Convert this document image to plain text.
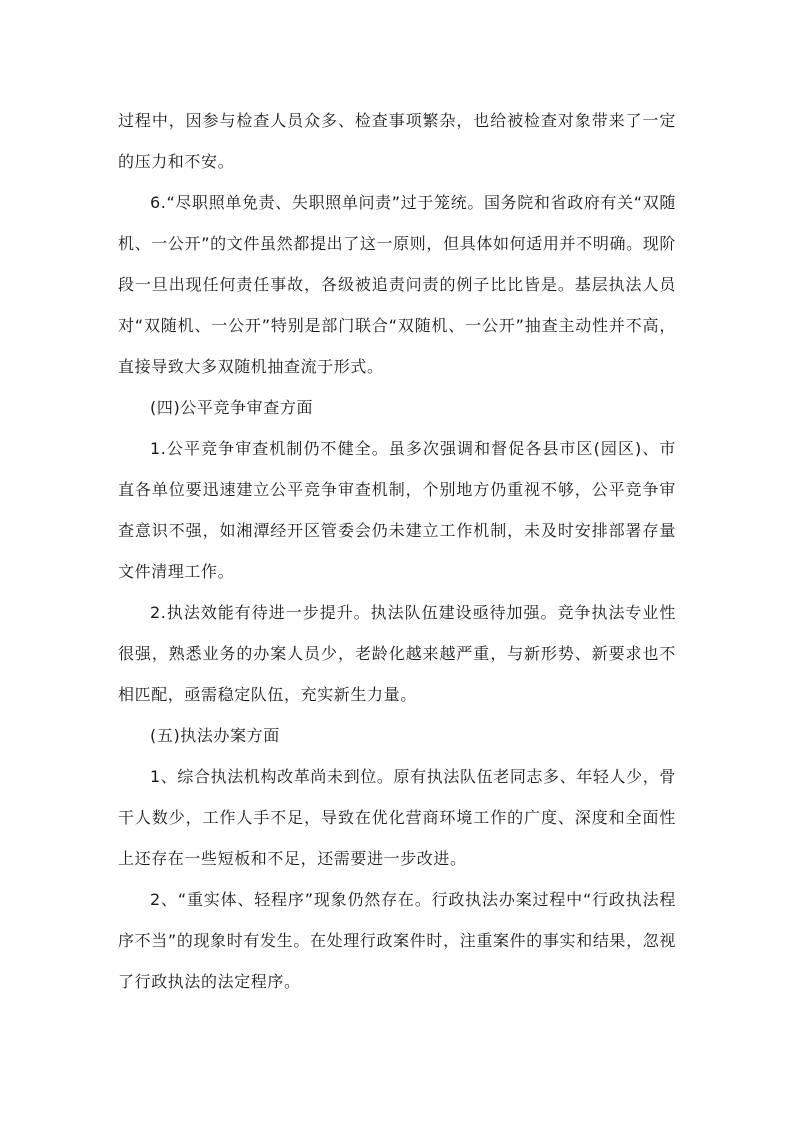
过程中，因参与检查人员众多、检查事项繁杂，也给被检查对象带来了一定的压力和不安。

6.“尽职照单免责、失职照单问责”过于笼统。国务院和省政府有关“双随机、一公开”的文件虽然都提出了这一原则，但具体如何适用并不明确。现阶段一旦出现任何责任事故，各级被追责问责的例子比比皆是。基层执法人员对“双随机、一公开”特别是部门联合“双随机、一公开”抽查主动性并不高，直接导致大多双随机抽查流于形式。

(四)公平竞争审查方面

1.公平竞争审查机制仍不健全。虽多次强调和督促各县市区(园区)、市直各单位要迅速建立公平竞争审查机制，个别地方仍重视不够，公平竞争审查意识不强，如湘潭经开区管委会仍未建立工作机制，未及时安排部署存量文件清理工作。

2.执法效能有待进一步提升。执法队伍建设亟待加强。竞争执法专业性很强，熟悉业务的办案人员少，老龄化越来越严重，与新形势、新要求也不相匹配，亟需稳定队伍，充实新生力量。

(五)执法办案方面

1、综合执法机构改革尚未到位。原有执法队伍老同志多、年轻人少，骨干人数少，工作人手不足，导致在优化营商环境工作的广度、深度和全面性上还存在一些短板和不足，还需要进一步改进。

2、“重实体、轻程序”现象仍然存在。行政执法办案过程中“行政执法程序不当”的现象时有发生。在处理行政案件时，注重案件的事实和结果，忽视了行政执法的法定程序。
